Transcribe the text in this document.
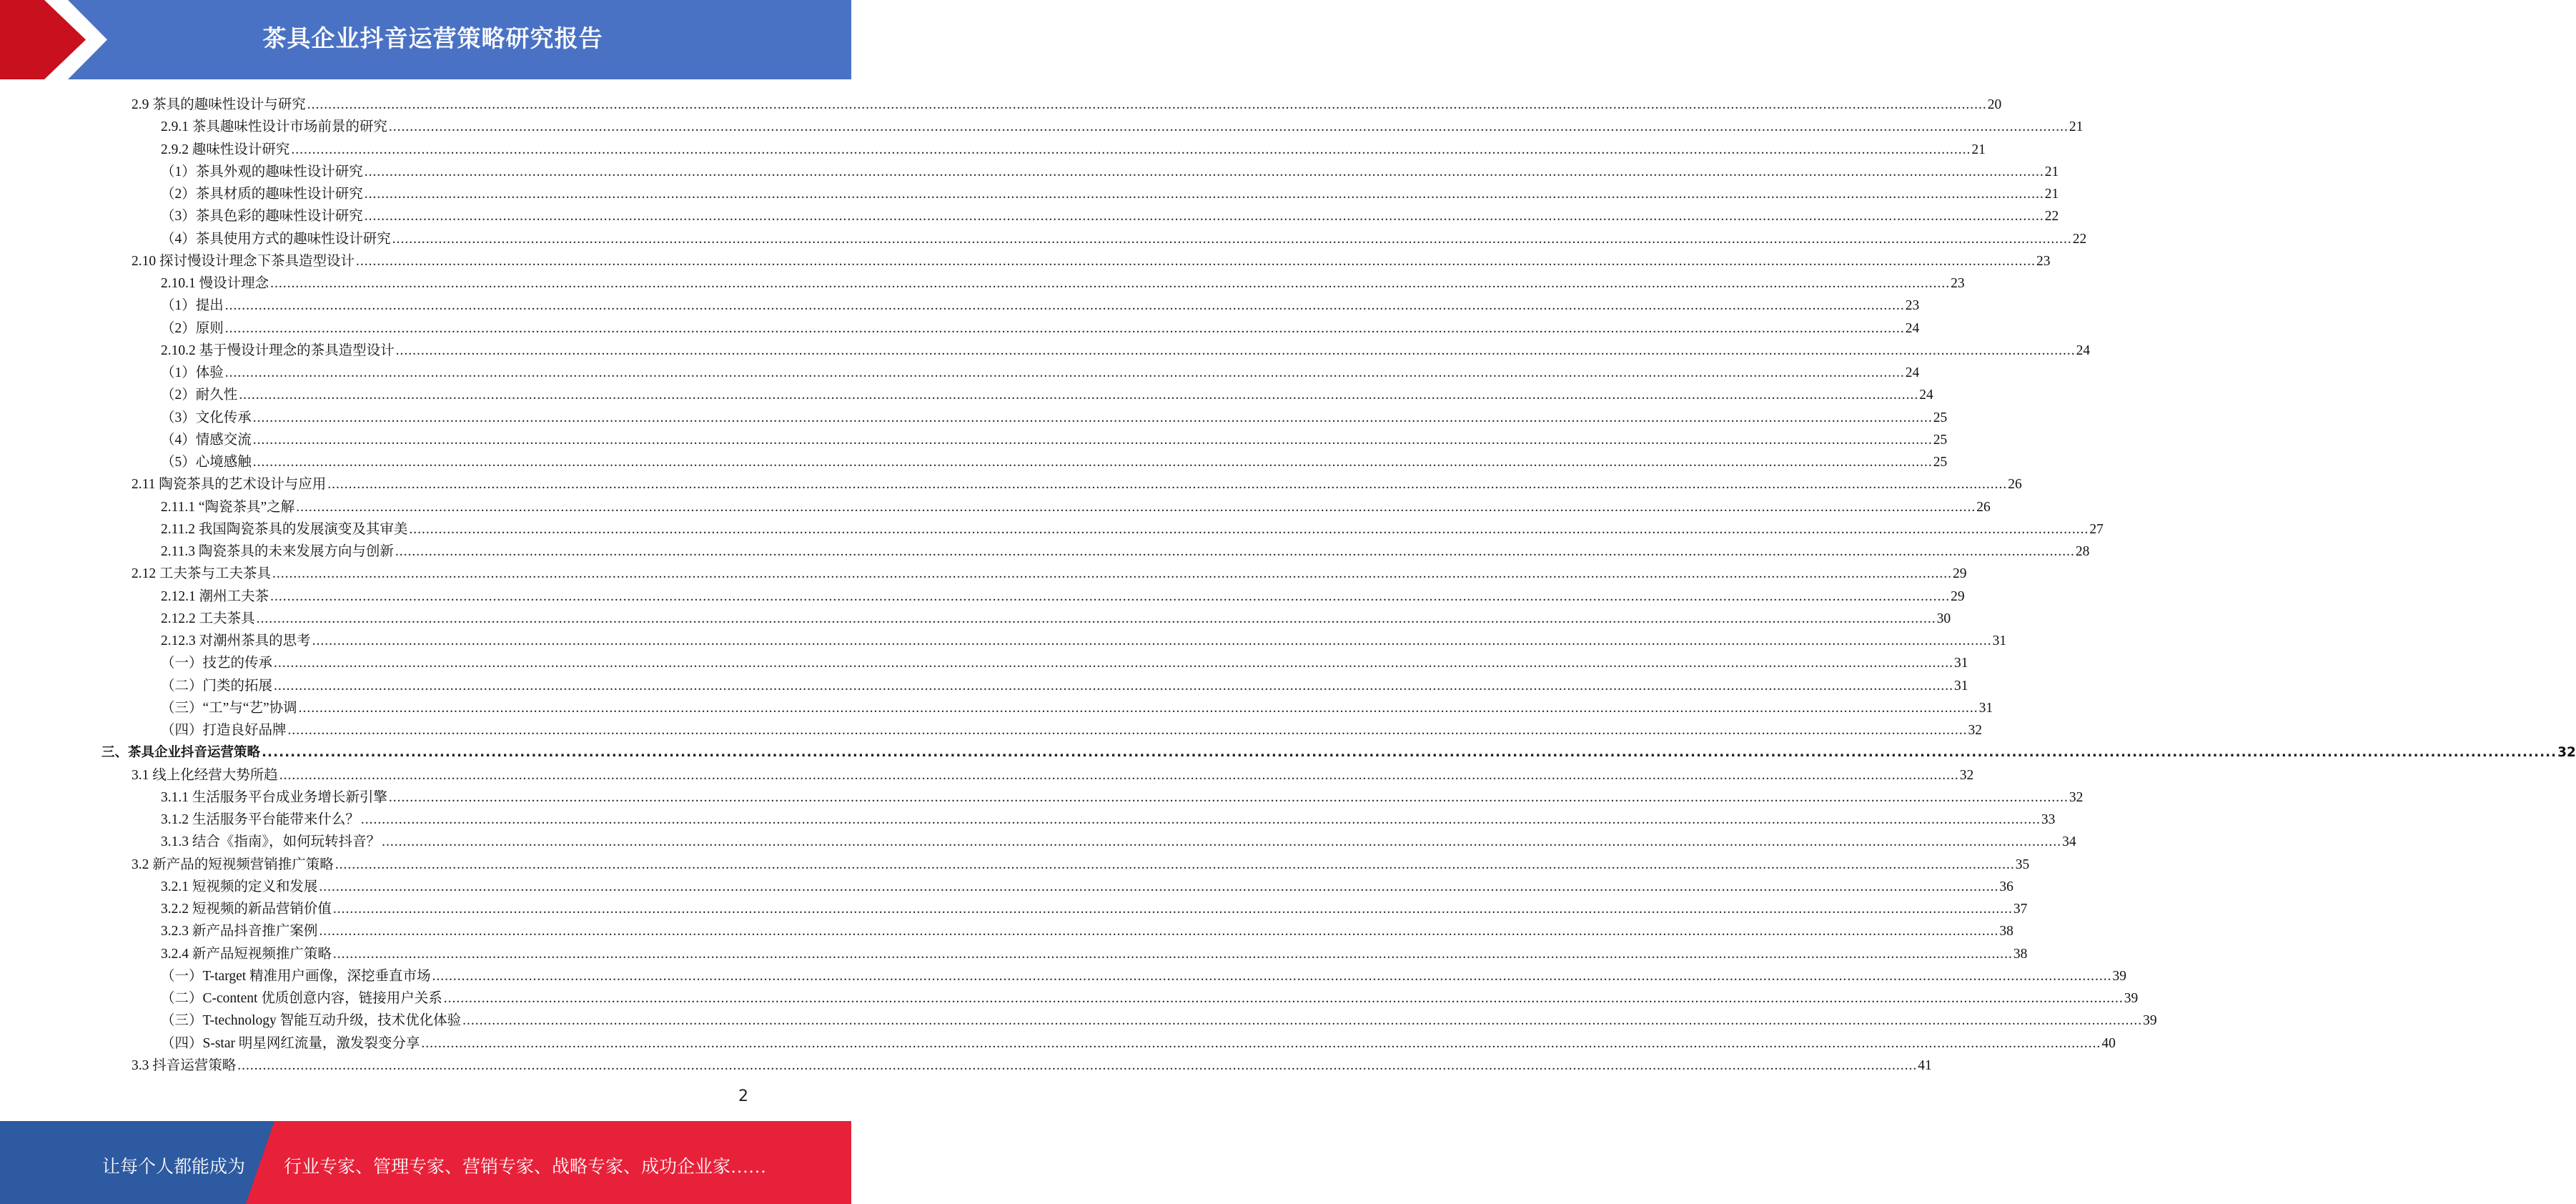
茶具企业抖音运营策略研究报告
2.9 茶具的趣味性设计与研究 ................................................................................................................................................................................................................................................................................................................................................................................................................ 20
2.9.1 茶具趣味性设计市场前景的研究 ................................................................................................................................................................................................................................................................................................................................................................................................................ 21
2.9.2 趣味性设计研究 ................................................................................................................................................................................................................................................................................................................................................................................................................ 21
（1）茶具外观的趣味性设计研究 ................................................................................................................................................................................................................................................................................................................................................................................................................ 21
（2）茶具材质的趣味性设计研究 ................................................................................................................................................................................................................................................................................................................................................................................................................ 21
（3）茶具色彩的趣味性设计研究 ................................................................................................................................................................................................................................................................................................................................................................................................................ 22
（4）茶具使用方式的趣味性设计研究 ................................................................................................................................................................................................................................................................................................................................................................................................................ 22
2.10 探讨慢设计理念下茶具造型设计 ................................................................................................................................................................................................................................................................................................................................................................................................................ 23
2.10.1 慢设计理念 ................................................................................................................................................................................................................................................................................................................................................................................................................ 23
（1）提出 ................................................................................................................................................................................................................................................................................................................................................................................................................ 23
（2）原则 ................................................................................................................................................................................................................................................................................................................................................................................................................ 24
2.10.2 基于慢设计理念的茶具造型设计 ................................................................................................................................................................................................................................................................................................................................................................................................................ 24
（1）体验 ................................................................................................................................................................................................................................................................................................................................................................................................................ 24
（2）耐久性 ................................................................................................................................................................................................................................................................................................................................................................................................................ 24
（3）文化传承 ................................................................................................................................................................................................................................................................................................................................................................................................................ 25
（4）情感交流 ................................................................................................................................................................................................................................................................................................................................................................................................................ 25
（5）心境感触 ................................................................................................................................................................................................................................................................................................................................................................................................................ 25
2.11 陶瓷茶具的艺术设计与应用 ................................................................................................................................................................................................................................................................................................................................................................................................................ 26
2.11.1 “陶瓷茶具”之解 ................................................................................................................................................................................................................................................................................................................................................................................................................ 26
2.11.2 我国陶瓷茶具的发展演变及其审美 ................................................................................................................................................................................................................................................................................................................................................................................................................ 27
2.11.3 陶瓷茶具的未来发展方向与创新 ................................................................................................................................................................................................................................................................................................................................................................................................................ 28
2.12 工夫茶与工夫茶具 ................................................................................................................................................................................................................................................................................................................................................................................................................ 29
2.12.1 潮州工夫茶 ................................................................................................................................................................................................................................................................................................................................................................................................................ 29
2.12.2 工夫茶具 ................................................................................................................................................................................................................................................................................................................................................................................................................ 30
2.12.3 对潮州茶具的思考 ................................................................................................................................................................................................................................................................................................................................................................................................................ 31
（一）技艺的传承 ................................................................................................................................................................................................................................................................................................................................................................................................................ 31
（二）门类的拓展 ................................................................................................................................................................................................................................................................................................................................................................................................................ 31
（三）“工”与“艺”协调 ................................................................................................................................................................................................................................................................................................................................................................................................................ 31
（四）打造良好品牌 ................................................................................................................................................................................................................................................................................................................................................................................................................ 32
三、茶具企业抖音运营策略 ................................................................................................................................................................................................................................................................................................................................................................................................................ 32
3.1 线上化经营大势所趋 ................................................................................................................................................................................................................................................................................................................................................................................................................ 32
3.1.1 生活服务平台成业务增长新引擎 ................................................................................................................................................................................................................................................................................................................................................................................................................ 32
3.1.2 生活服务平台能带来什么？ ................................................................................................................................................................................................................................................................................................................................................................................................................ 33
3.1.3 结合《指南》，如何玩转抖音？ ................................................................................................................................................................................................................................................................................................................................................................................................................ 34
3.2 新产品的短视频营销推广策略 ................................................................................................................................................................................................................................................................................................................................................................................................................ 35
3.2.1 短视频的定义和发展 ................................................................................................................................................................................................................................................................................................................................................................................................................ 36
3.2.2 短视频的新品营销价值 ................................................................................................................................................................................................................................................................................................................................................................................................................ 37
3.2.3 新产品抖音推广案例 ................................................................................................................................................................................................................................................................................................................................................................................................................ 38
3.2.4 新产品短视频推广策略 ................................................................................................................................................................................................................................................................................................................................................................................................................ 38
（一）T-target 精准用户画像，深挖垂直市场 ................................................................................................................................................................................................................................................................................................................................................................................................................ 39
（二）C-content 优质创意内容，链接用户关系 ................................................................................................................................................................................................................................................................................................................................................................................................................ 39
（三）T-technology 智能互动升级，技术优化体验 ................................................................................................................................................................................................................................................................................................................................................................................................................ 39
（四）S-star 明星网红流量，激发裂变分享 ................................................................................................................................................................................................................................................................................................................................................................................................................ 40
3.3 抖音运营策略 ................................................................................................................................................................................................................................................................................................................................................................................................................ 41
2
让每个人都能成为 行业专家、管理专家、营销专家、战略专家、成功企业家……
